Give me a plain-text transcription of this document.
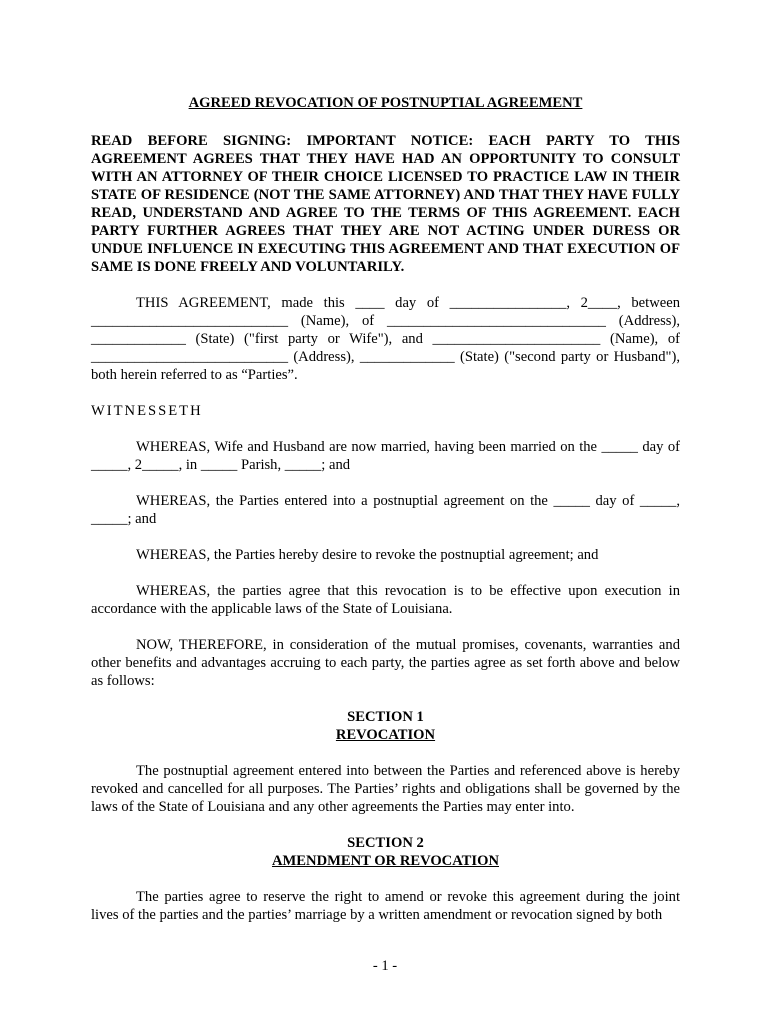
AGREED REVOCATION OF POSTNUPTIAL AGREEMENT

READ BEFORE SIGNING: IMPORTANT NOTICE: EACH PARTY TO THIS AGREEMENT AGREES THAT THEY HAVE HAD AN OPPORTUNITY TO CONSULT WITH AN ATTORNEY OF THEIR CHOICE LICENSED TO PRACTICE LAW IN THEIR STATE OF RESIDENCE (NOT THE SAME ATTORNEY) AND THAT THEY HAVE FULLY READ, UNDERSTAND AND AGREE TO THE TERMS OF THIS AGREEMENT. EACH PARTY FURTHER AGREES THAT THEY ARE NOT ACTING UNDER DURESS OR UNDUE INFLUENCE IN EXECUTING THIS AGREEMENT AND THAT EXECUTION OF SAME IS DONE FREELY AND VOLUNTARILY.

THIS AGREEMENT, made this ____ day of ________________, 2____, between ___________________________ (Name), of ______________________________ (Address), _____________ (State) ("first party or Wife"), and _______________________ (Name), of ___________________________ (Address), _____________ (State) ("second party or Husband"), both herein referred to as “Parties”.

WITNESSETH

WHEREAS, Wife and Husband are now married, having been married on the _____ day of _____, 2_____, in _____ Parish, _____; and

WHEREAS, the Parties entered into a postnuptial agreement on the _____ day of _____, _____; and

WHEREAS, the Parties hereby desire to revoke the postnuptial agreement; and

WHEREAS, the parties agree that this revocation is to be effective upon execution in accordance with the applicable laws of the State of Louisiana.

NOW, THEREFORE, in consideration of the mutual promises, covenants, warranties and other benefits and advantages accruing to each party, the parties agree as set forth above and below as follows:

SECTION 1
REVOCATION

The postnuptial agreement entered into between the Parties and referenced above is hereby revoked and cancelled for all purposes. The Parties’ rights and obligations shall be governed by the laws of the State of Louisiana and any other agreements the Parties may enter into.

SECTION 2
AMENDMENT OR REVOCATION

The parties agree to reserve the right to amend or revoke this agreement during the joint lives of the parties and the parties’ marriage by a written amendment or revocation signed by both

- 1 -
